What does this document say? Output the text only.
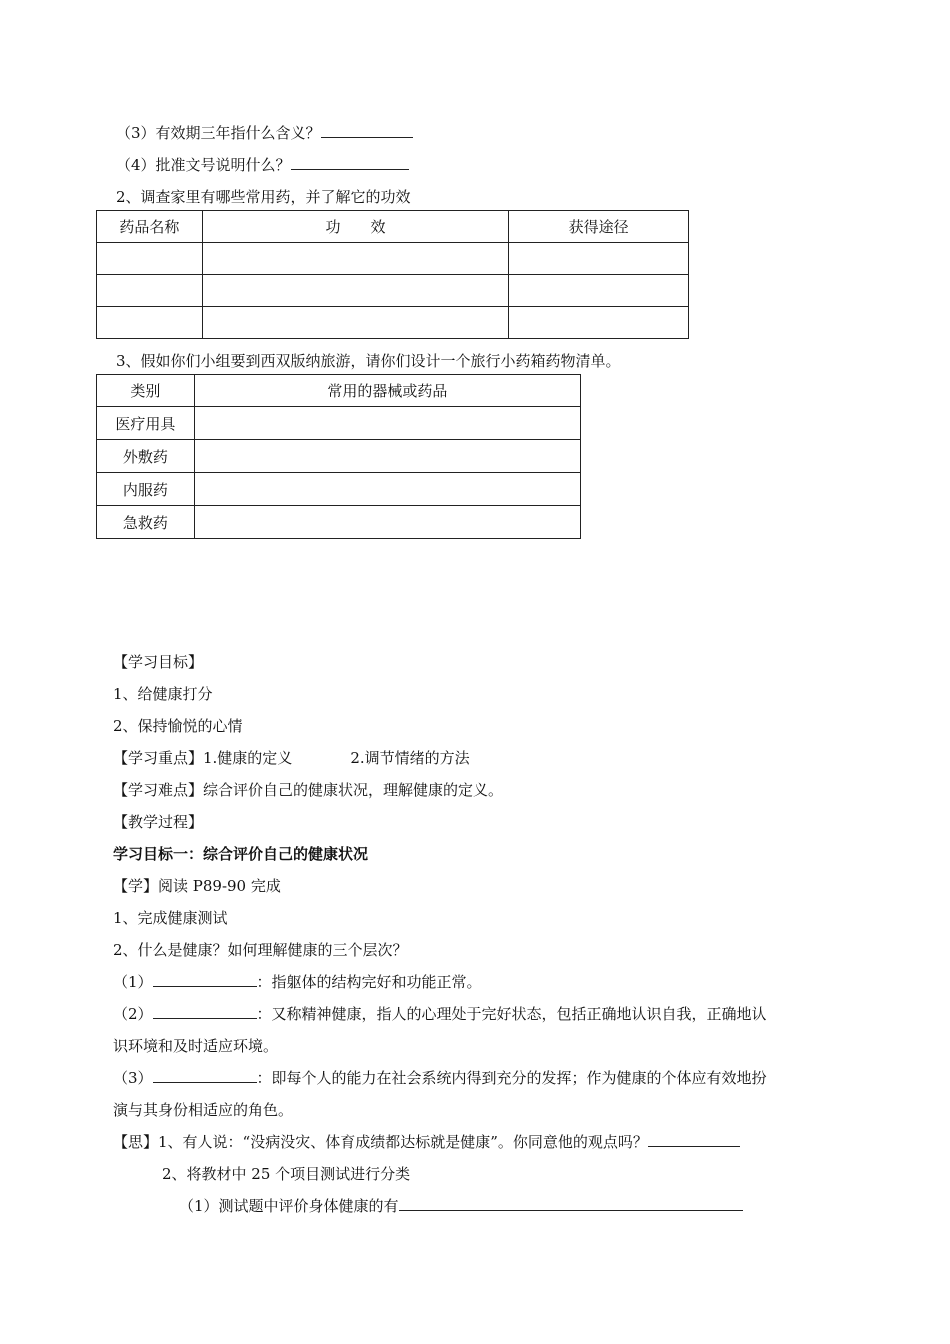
（3）有效期三年指什么含义？
（4）批准文号说明什么？
2、调查家里有哪些常用药，并了解它的功效
药品名称	功　　效	获得途径

3、假如你们小组要到西双版纳旅游，请你们设计一个旅行小药箱药物清单。
类别	常用的器械或药品
医疗用具	
外敷药	
内服药	
急救药	
【学习目标】
1、给健康打分
2、保持愉悦的心情
【学习重点】1.健康的定义	2.调节情绪的方法
【学习难点】综合评价自己的健康状况，理解健康的定义。
【教学过程】
学习目标一：综合评价自己的健康状况
【学】阅读 P89-90 完成
1、完成健康测试
2、什么是健康？如何理解健康的三个层次？
（1）	：指躯体的结构完好和功能正常。
（2）	：又称精神健康，指人的心理处于完好状态，包括正确地认识自我，正确地认
识环境和及时适应环境。
（3）	：即每个人的能力在社会系统内得到充分的发挥；作为健康的个体应有效地扮
演与其身份相适应的角色。
【思】1、有人说：“没病没灾、体育成绩都达标就是健康”。你同意他的观点吗？
2、将教材中 25 个项目测试进行分类
（1）测试题中评价身体健康的有
